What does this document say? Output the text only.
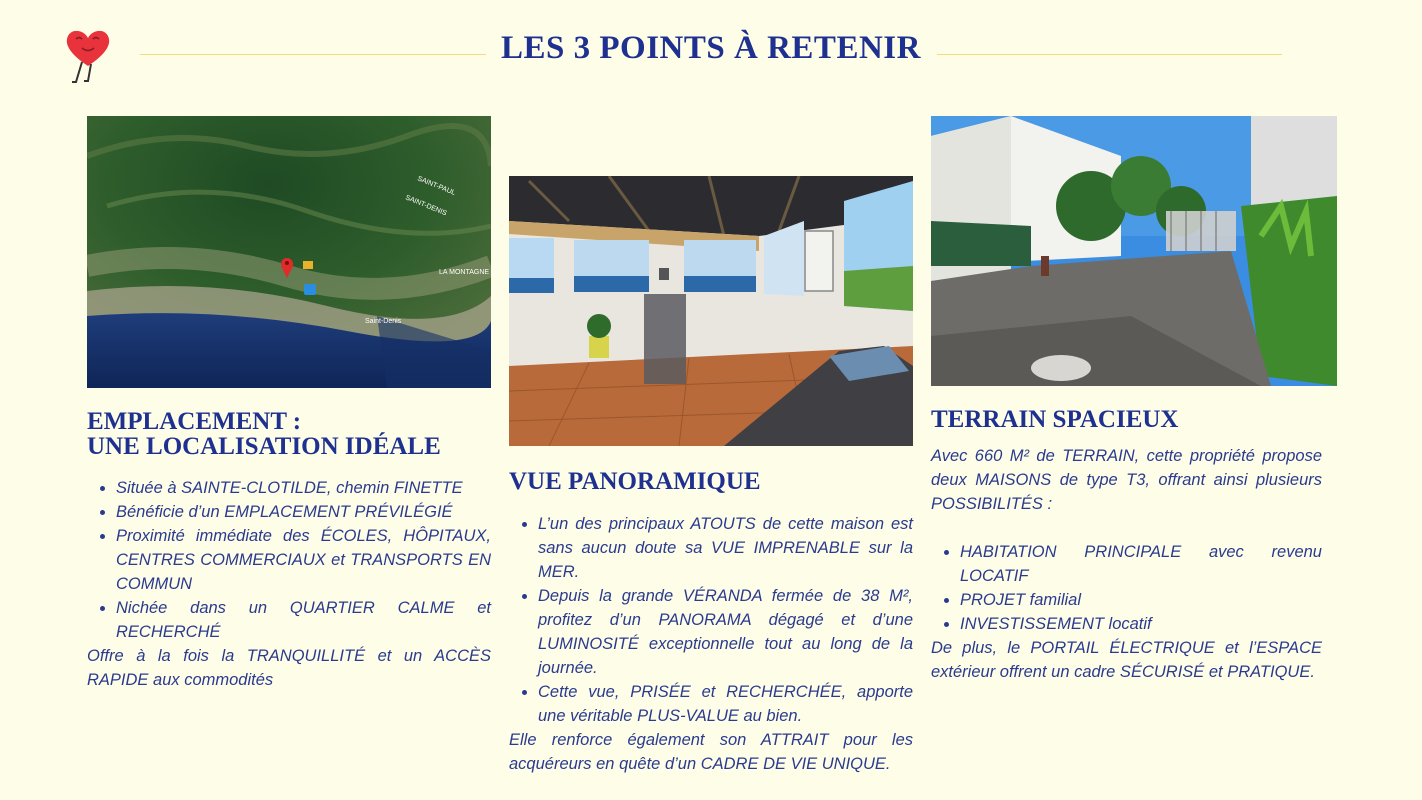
LES 3 POINTS À RETENIR
SAINT-PAUL
SAINT-DENIS
LA MONTAGNE
Saint-Denis
EMPLACEMENT :
UNE LOCALISATION IDÉALE
• Située à SAINTE-CLOTILDE, chemin FINETTE
• Bénéficie d’un EMPLACEMENT PRÉVILÉGIÉ
• Proximité immédiate des ÉCOLES, HÔPITAUX, CENTRES COMMERCIAUX et TRANSPORTS EN COMMUN
• Nichée dans un QUARTIER CALME et RECHERCHÉ

Offre à la fois la TRANQUILLITÉ et un ACCÈS RAPIDE aux commodités

VUE PANORAMIQUE
• L’un des principaux ATOUTS de cette maison est sans aucun doute sa VUE IMPRENABLE sur la MER.
• Depuis la grande VÉRANDA fermée de 38 M², profitez d’un PANORAMA dégagé et d’une LUMINOSITÉ exceptionnelle tout au long de la journée.
• Cette vue, PRISÉE et RECHERCHÉE, apporte une véritable PLUS-VALUE au bien.

Elle renforce également son ATTRAIT pour les acquéreurs en quête d’un CADRE DE VIE UNIQUE.

TERRAIN SPACIEUX

Avec 660 M² de TERRAIN, cette propriété propose deux MAISONS de type T3, offrant ainsi plusieurs POSSIBILITÉS :

• HABITATION PRINCIPALE avec revenu LOCATIF
• PROJET familial
• INVESTISSEMENT locatif

De plus, le PORTAIL ÉLECTRIQUE et l’ESPACE extérieur offrent un cadre SÉCURISÉ et PRATIQUE.
